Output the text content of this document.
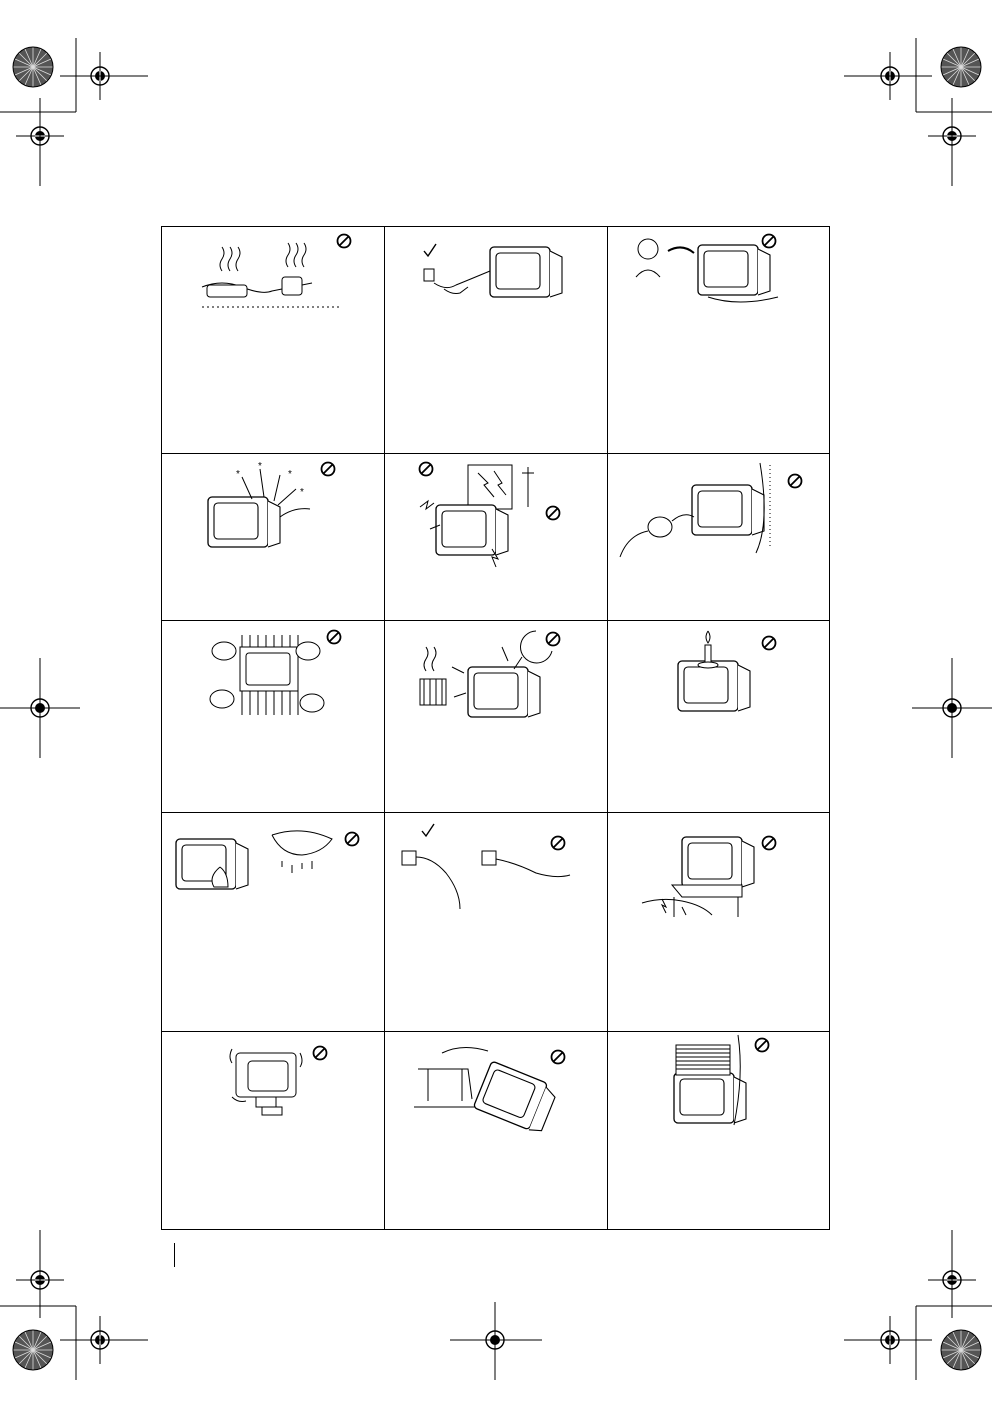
*
*
*
*
